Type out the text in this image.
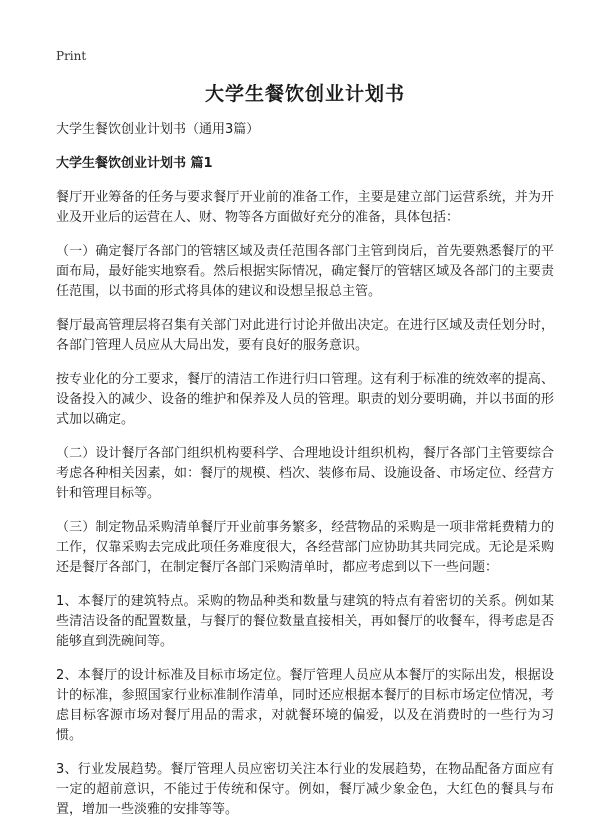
Print
大学生餐饮创业计划书
大学生餐饮创业计划书（通用3篇）
大学生餐饮创业计划书 篇1

餐厅开业筹备的任务与要求餐厅开业前的准备工作，主要是建立部门运营系统，并为开业及开业后的运营在人、财、物等各方面做好充分的准备，具体包括：

（一）确定餐厅各部门的管辖区域及责任范围各部门主管到岗后，首先要熟悉餐厅的平面布局，最好能实地察看。然后根据实际情况，确定餐厅的管辖区域及各部门的主要责任范围，以书面的形式将具体的建议和设想呈报总主管。

餐厅最高管理层将召集有关部门对此进行讨论并做出决定。在进行区域及责任划分时，各部门管理人员应从大局出发，要有良好的服务意识。

按专业化的分工要求，餐厅的清洁工作进行归口管理。这有利于标准的统效率的提高、设备投入的减少、设备的维护和保养及人员的管理。职责的划分要明确，并以书面的形式加以确定。

（二）设计餐厅各部门组织机构要科学、合理地设计组织机构，餐厅各部门主管要综合考虑各种相关因素，如：餐厅的规模、档次、装修布局、设施设备、市场定位、经营方针和管理目标等。

（三）制定物品采购清单餐厅开业前事务繁多，经营物品的采购是一项非常耗费精力的工作，仅靠采购去完成此项任务难度很大，各经营部门应协助其共同完成。无论是采购还是餐厅各部门，在制定餐厅各部门采购清单时，都应考虑到以下一些问题：

1、本餐厅的建筑特点。采购的物品种类和数量与建筑的特点有着密切的关系。例如某些清洁设备的配置数量，与餐厅的餐位数量直接相关，再如餐厅的收餐车，得考虑是否能够直到洗碗间等。

2、本餐厅的设计标准及目标市场定位。餐厅管理人员应从本餐厅的实际出发，根据设计的标准，参照国家行业标准制作清单，同时还应根据本餐厅的目标市场定位情况，考虑目标客源市场对餐厅用品的需求，对就餐环境的偏爱，以及在消费时的一些行为习惯。

3、行业发展趋势。餐厅管理人员应密切关注本行业的发展趋势，在物品配备方面应有一定的超前意识，不能过于传统和保守。例如，餐厅减少象金色，大红色的餐具与布置，增加一些淡雅的安排等等。
